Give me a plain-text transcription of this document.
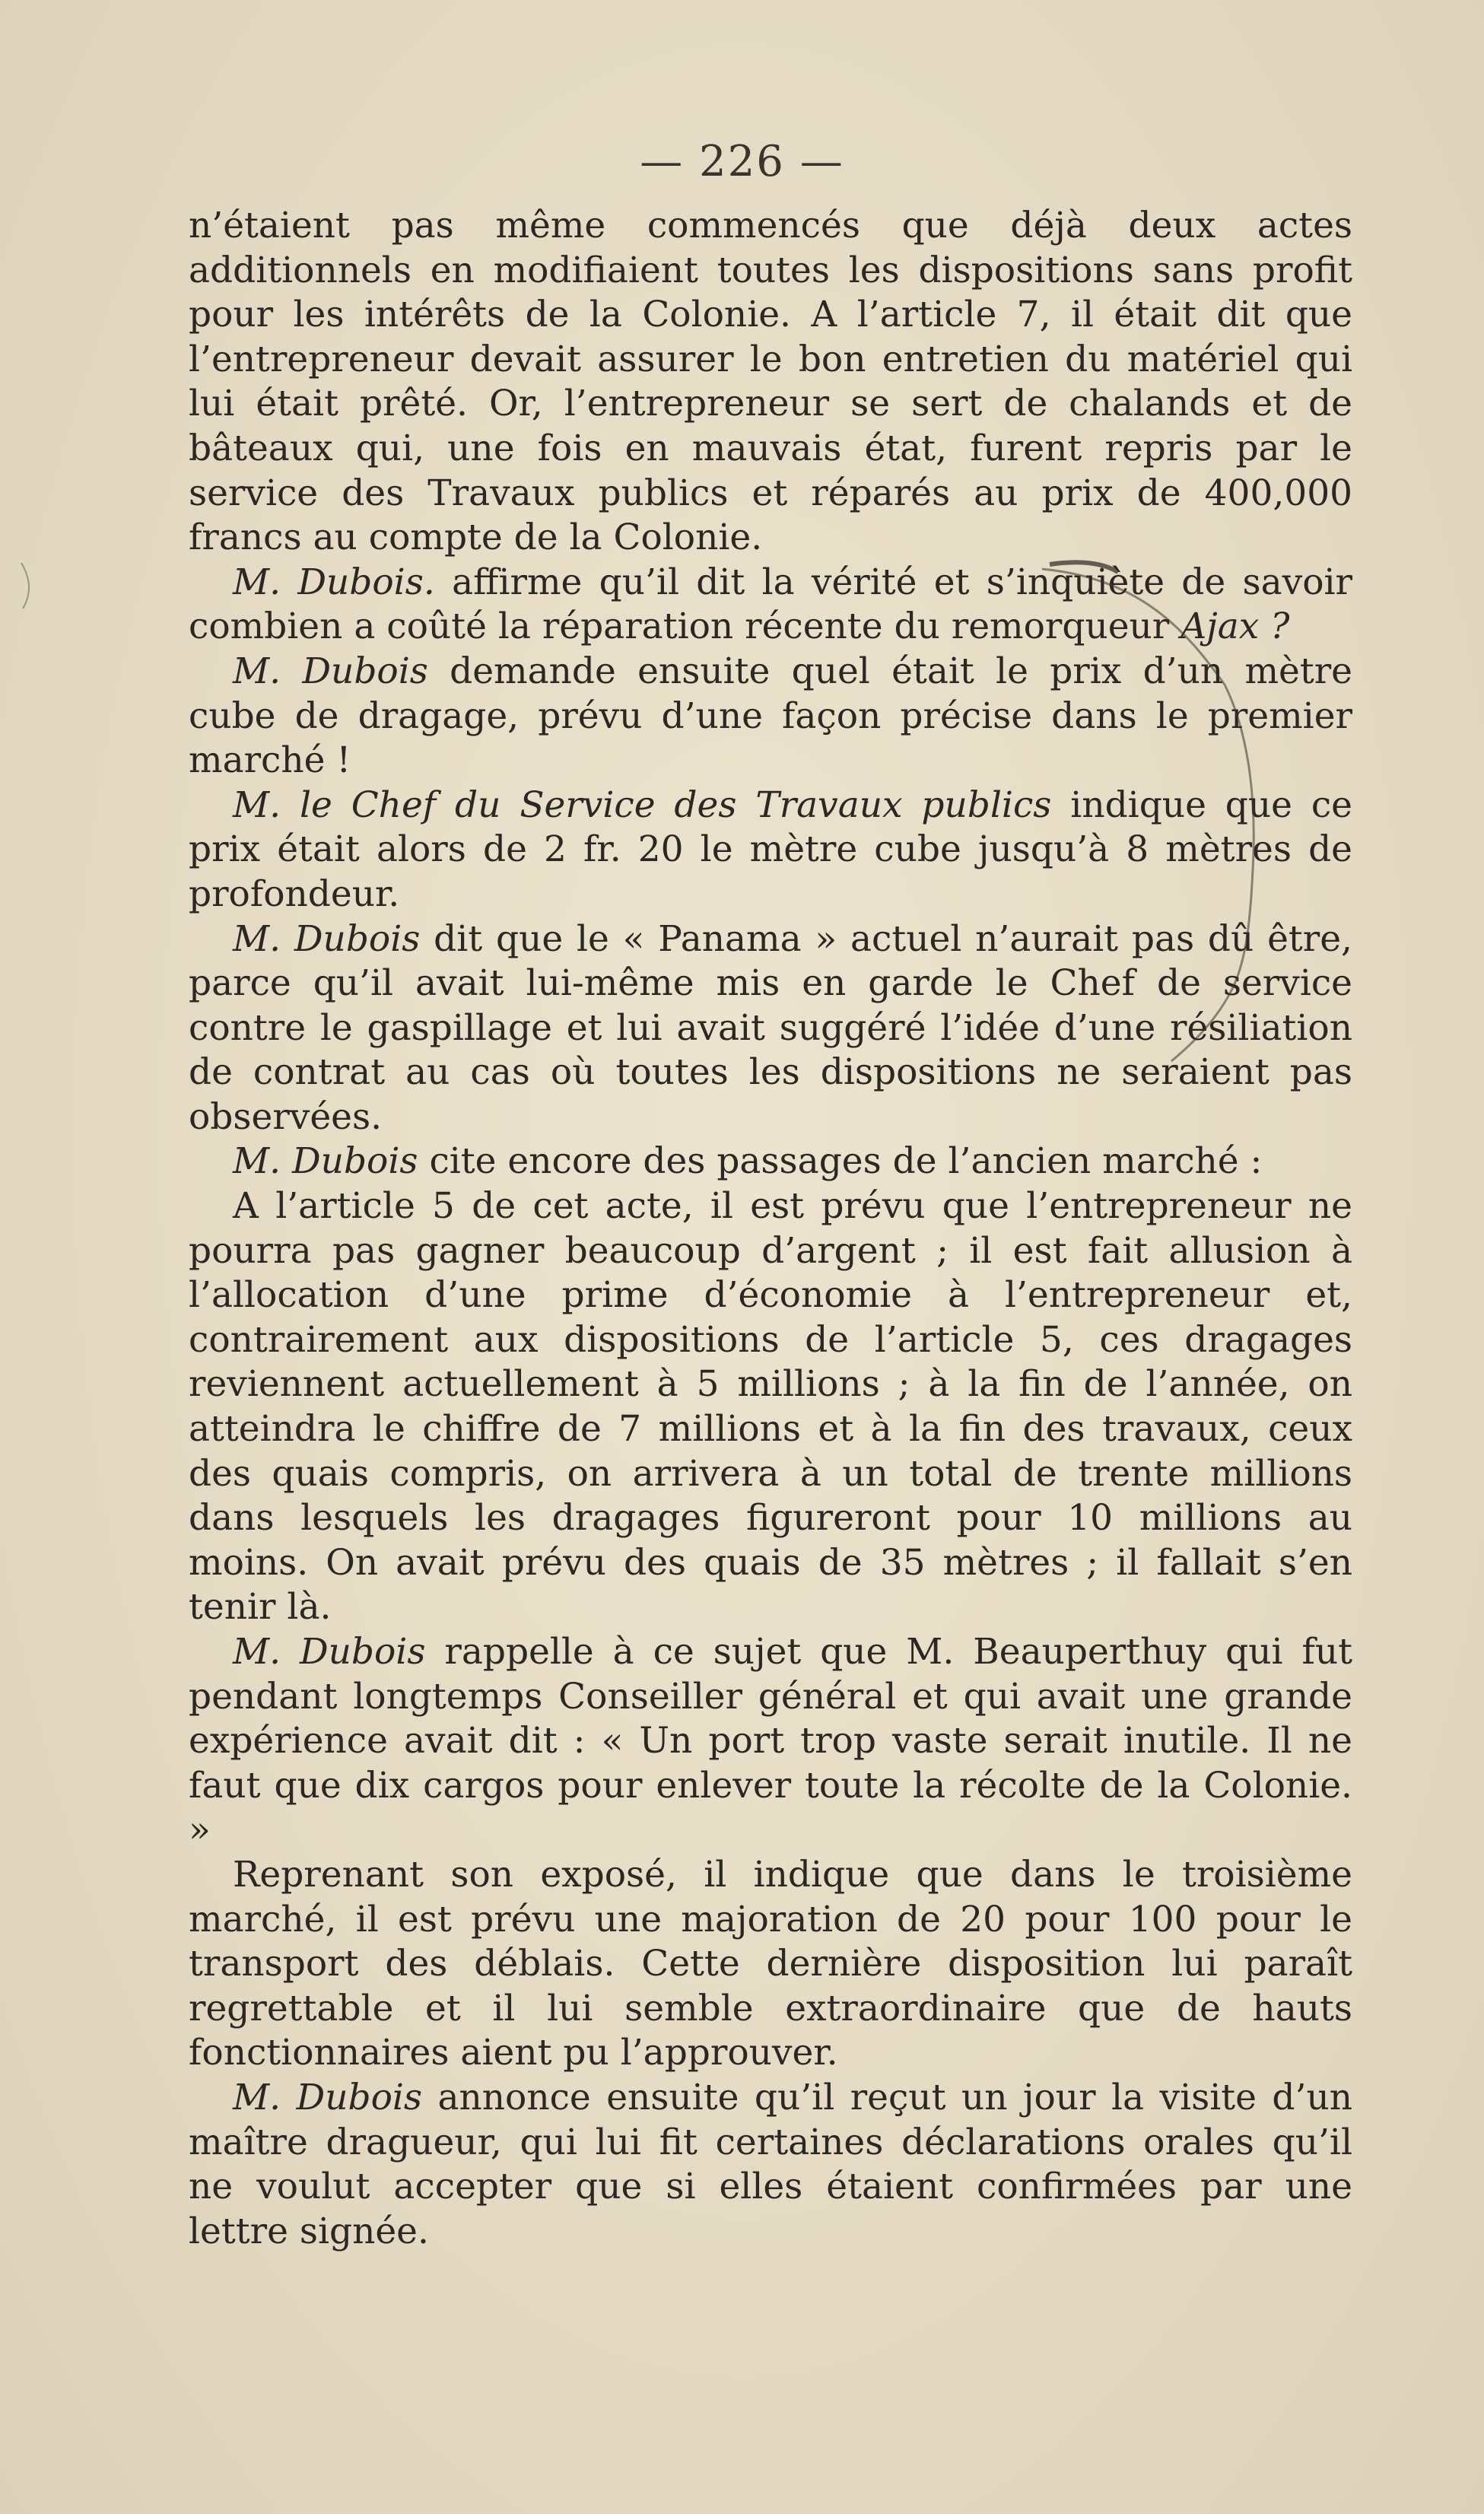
— 226 —

n’étaient pas même commencés que déjà deux actes additionnels en modifiaient toutes les dispositions sans profit pour les intérêts de la Colonie. A l’article 7, il était dit que l’entrepreneur devait assurer le bon entretien du matériel qui lui était prêté. Or, l’entrepreneur se sert de chalands et de bâteaux qui, une fois en mauvais état, furent repris par le service des Travaux publics et réparés au prix de 400,000 francs au compte de la Colonie.

M. Dubois. affirme qu’il dit la vérité et s’inquiète de savoir combien a coûté la réparation récente du remorqueur Ajax ?

M. Dubois demande ensuite quel était le prix d’un mètre cube de dragage, prévu d’une façon précise dans le premier marché !

M. le Chef du Service des Travaux publics indique que ce prix était alors de 2 fr. 20 le mètre cube jusqu’à 8 mètres de profondeur.

M. Dubois dit que le « Panama » actuel n’aurait pas dû être, parce qu’il avait lui-même mis en garde le Chef de service contre le gaspillage et lui avait suggéré l’idée d’une résiliation de contrat au cas où toutes les dispositions ne seraient pas observées.

M. Dubois cite encore des passages de l’ancien marché :

A l’article 5 de cet acte, il est prévu que l’entrepreneur ne pourra pas gagner beaucoup d’argent ; il est fait allusion à l’allocation d’une prime d’économie à l’entrepreneur et, contrairement aux dispositions de l’article 5, ces dragages reviennent actuellement à 5 millions ; à la fin de l’année, on atteindra le chiffre de 7 millions et à la fin des travaux, ceux des quais compris, on arrivera à un total de trente millions dans lesquels les dragages figureront pour 10 millions au moins. On avait prévu des quais de 35 mètres ; il fallait s’en tenir là.

M. Dubois rappelle à ce sujet que M. Beauperthuy qui fut pendant longtemps Conseiller général et qui avait une grande expérience avait dit : « Un port trop vaste serait inutile. Il ne faut que dix cargos pour enlever toute la récolte de la Colonie. »

Reprenant son exposé, il indique que dans le troisième marché, il est prévu une majoration de 20 pour 100 pour le transport des déblais. Cette dernière disposition lui paraît regrettable et il lui semble extraordinaire que de hauts fonctionnaires aient pu l’approuver.

M. Dubois annonce ensuite qu’il reçut un jour la visite d’un maître dragueur, qui lui fit certaines déclarations orales qu’il ne voulut accepter que si elles étaient confirmées par une lettre signée.
